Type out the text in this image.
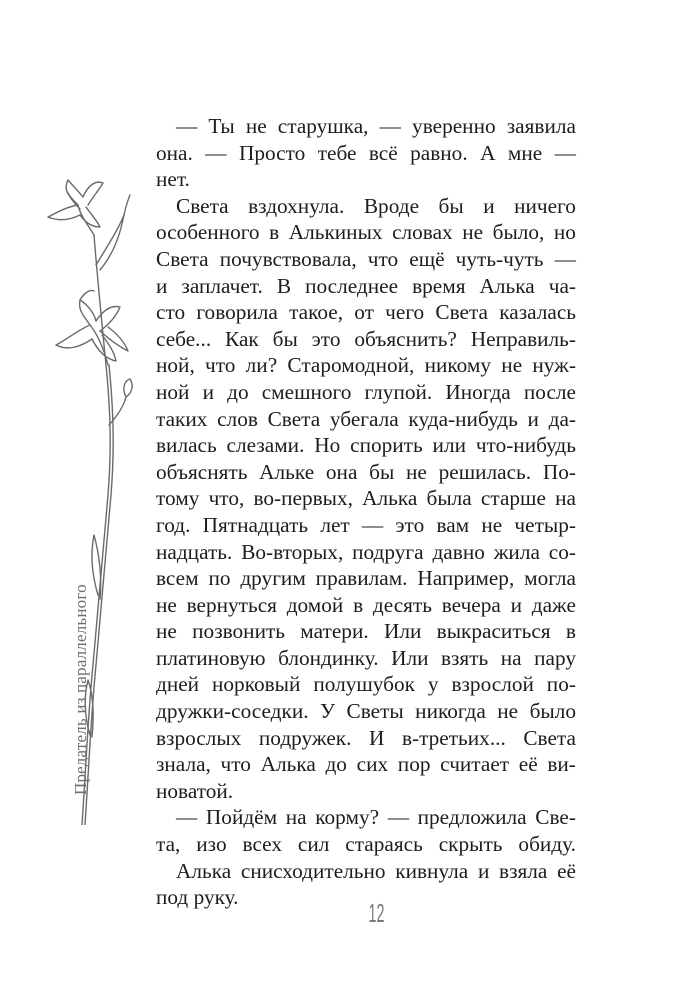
Предатель из параллельного
— Ты не старушка, — уверенно заявила
она. — Просто тебе всё равно. А мне —
нет.
Света вздохнула. Вроде бы и ничего
особенного в Алькиных словах не было, но
Света почувствовала, что ещё чуть-чуть —
и заплачет. В последнее время Алька ча-
сто говорила такое, от чего Света казалась
себе... Как бы это объяснить? Неправиль-
ной, что ли? Старомодной, никому не нуж-
ной и до смешного глупой. Иногда после
таких слов Света убегала куда-нибудь и да-
вилась слезами. Но спорить или что-нибудь
объяснять Альке она бы не решилась. По-
тому что, во-первых, Алька была старше на
год. Пятнадцать лет — это вам не четыр-
надцать. Во-вторых, подруга давно жила со-
всем по другим правилам. Например, могла
не вернуться домой в десять вечера и даже
не позвонить матери. Или выкраситься в
платиновую блондинку. Или взять на пару
дней норковый полушубок у взрослой по-
дружки-соседки. У Светы никогда не было
взрослых подружек. И в-третьих... Света
знала, что Алька до сих пор считает её ви-
новатой.
— Пойдём на корму? — предложила Све-
та, изо всех сил стараясь скрыть обиду.
Алька снисходительно кивнула и взяла её
под руку.
12
